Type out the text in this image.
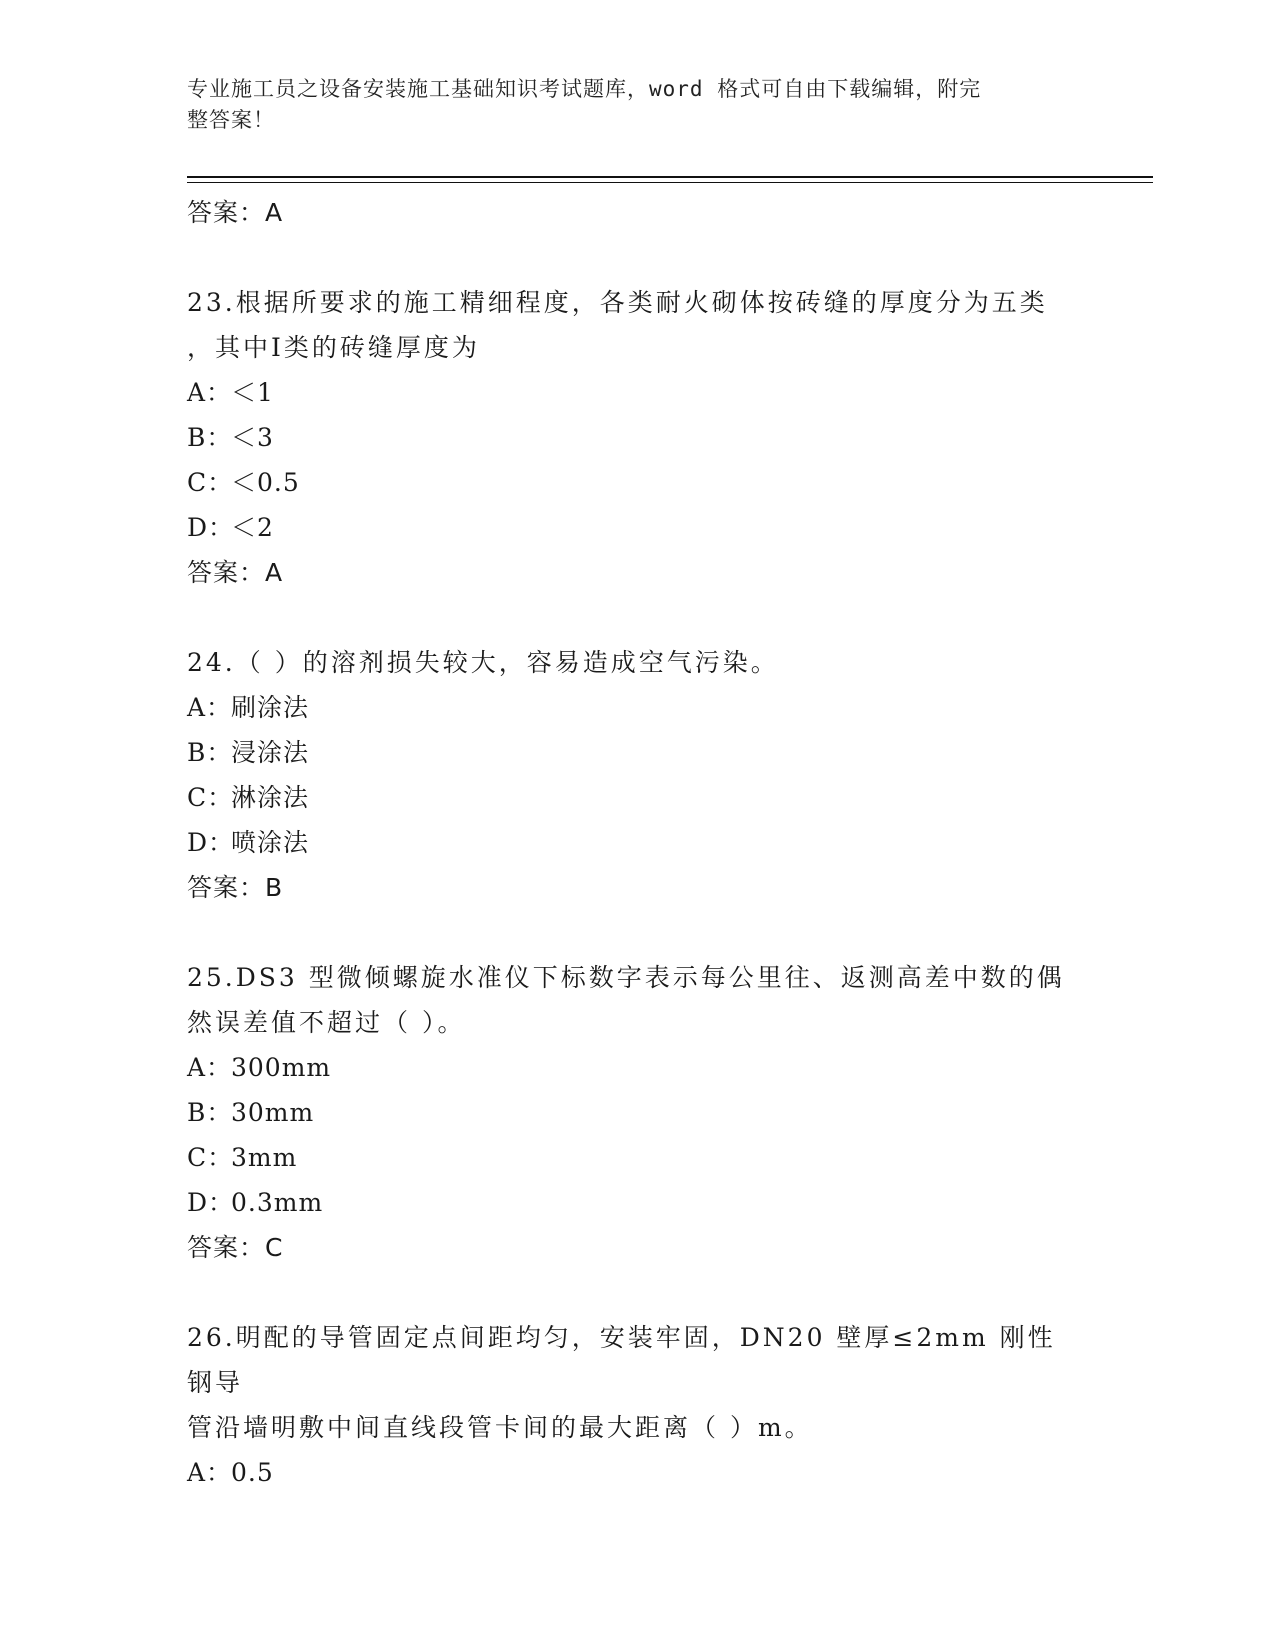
专业施工员之设备安装施工基础知识考试题库，word 格式可自由下载编辑，附完
整答案！
答案：A
23.根据所要求的施工精细程度，各类耐火砌体按砖缝的厚度分为五类
，其中Ⅰ类的砖缝厚度为
A：＜1
B：＜3
C：＜0.5
D：＜2
答案：A
24.（ ）的溶剂损失较大，容易造成空气污染。
A：刷涂法
B：浸涂法
C：淋涂法
D：喷涂法
答案：B
25.DS3 型微倾螺旋水准仪下标数字表示每公里往、返测高差中数的偶
然误差值不超过（ ）。
A：300mm
B：30mm
C：3mm
D：0.3mm
答案：C
26.明配的导管固定点间距均匀，安装牢固，DN20 壁厚≤2mm 刚性钢导
管沿墙明敷中间直线段管卡间的最大距离（ ）m。
A：0.5
